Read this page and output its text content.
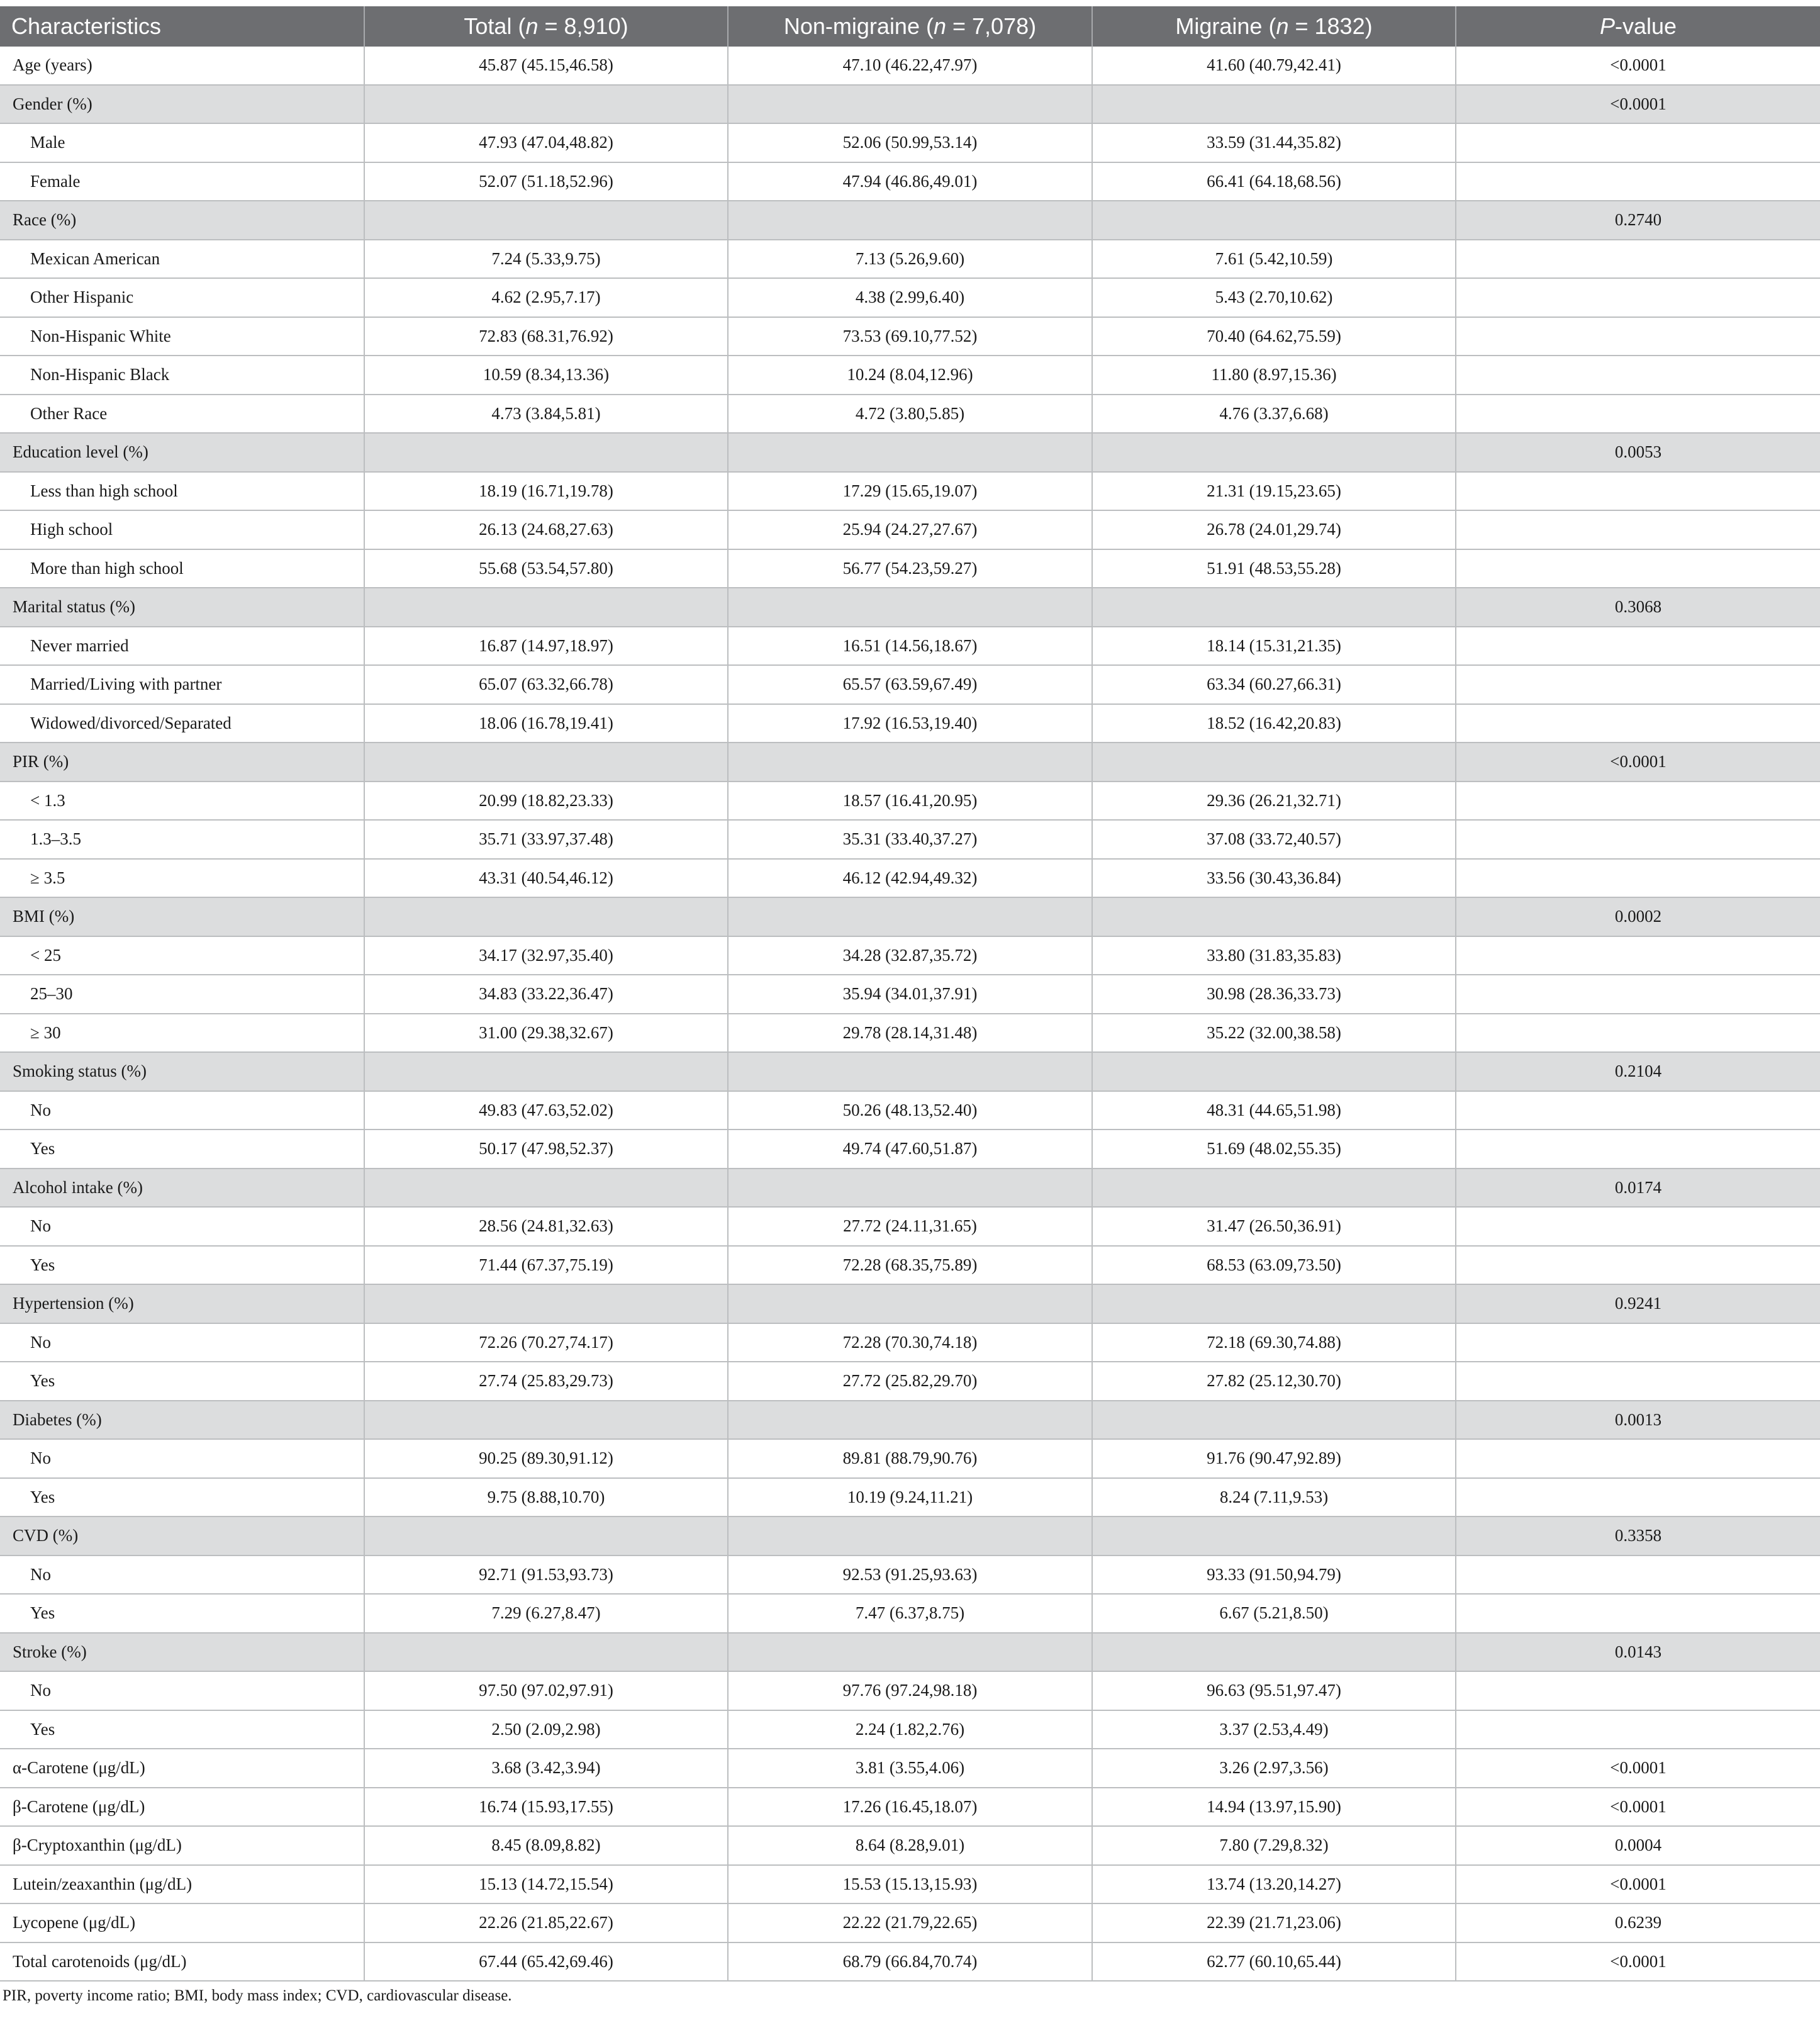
Characteristics	Total (n = 8,910)	Non-migraine (n = 7,078)	Migraine (n = 1832)	P-value
Age (years)	45.87 (45.15,46.58)	47.10 (46.22,47.97)	41.60 (40.79,42.41)	<0.0001
Gender (%)				<0.0001
Male	47.93 (47.04,48.82)	52.06 (50.99,53.14)	33.59 (31.44,35.82)	
Female	52.07 (51.18,52.96)	47.94 (46.86,49.01)	66.41 (64.18,68.56)	
Race (%)				0.2740
Mexican American	7.24 (5.33,9.75)	7.13 (5.26,9.60)	7.61 (5.42,10.59)	
Other Hispanic	4.62 (2.95,7.17)	4.38 (2.99,6.40)	5.43 (2.70,10.62)	
Non-Hispanic White	72.83 (68.31,76.92)	73.53 (69.10,77.52)	70.40 (64.62,75.59)	
Non-Hispanic Black	10.59 (8.34,13.36)	10.24 (8.04,12.96)	11.80 (8.97,15.36)	
Other Race	4.73 (3.84,5.81)	4.72 (3.80,5.85)	4.76 (3.37,6.68)	
Education level (%)				0.0053
Less than high school	18.19 (16.71,19.78)	17.29 (15.65,19.07)	21.31 (19.15,23.65)	
High school	26.13 (24.68,27.63)	25.94 (24.27,27.67)	26.78 (24.01,29.74)	
More than high school	55.68 (53.54,57.80)	56.77 (54.23,59.27)	51.91 (48.53,55.28)	
Marital status (%)				0.3068
Never married	16.87 (14.97,18.97)	16.51 (14.56,18.67)	18.14 (15.31,21.35)	
Married/Living with partner	65.07 (63.32,66.78)	65.57 (63.59,67.49)	63.34 (60.27,66.31)	
Widowed/divorced/Separated	18.06 (16.78,19.41)	17.92 (16.53,19.40)	18.52 (16.42,20.83)	
PIR (%)				<0.0001
< 1.3	20.99 (18.82,23.33)	18.57 (16.41,20.95)	29.36 (26.21,32.71)	
1.3–3.5	35.71 (33.97,37.48)	35.31 (33.40,37.27)	37.08 (33.72,40.57)	
≥ 3.5	43.31 (40.54,46.12)	46.12 (42.94,49.32)	33.56 (30.43,36.84)	
BMI (%)				0.0002
< 25	34.17 (32.97,35.40)	34.28 (32.87,35.72)	33.80 (31.83,35.83)	
25–30	34.83 (33.22,36.47)	35.94 (34.01,37.91)	30.98 (28.36,33.73)	
≥ 30	31.00 (29.38,32.67)	29.78 (28.14,31.48)	35.22 (32.00,38.58)	
Smoking status (%)				0.2104
No	49.83 (47.63,52.02)	50.26 (48.13,52.40)	48.31 (44.65,51.98)	
Yes	50.17 (47.98,52.37)	49.74 (47.60,51.87)	51.69 (48.02,55.35)	
Alcohol intake (%)				0.0174
No	28.56 (24.81,32.63)	27.72 (24.11,31.65)	31.47 (26.50,36.91)	
Yes	71.44 (67.37,75.19)	72.28 (68.35,75.89)	68.53 (63.09,73.50)	
Hypertension (%)				0.9241
No	72.26 (70.27,74.17)	72.28 (70.30,74.18)	72.18 (69.30,74.88)	
Yes	27.74 (25.83,29.73)	27.72 (25.82,29.70)	27.82 (25.12,30.70)	
Diabetes (%)				0.0013
No	90.25 (89.30,91.12)	89.81 (88.79,90.76)	91.76 (90.47,92.89)	
Yes	9.75 (8.88,10.70)	10.19 (9.24,11.21)	8.24 (7.11,9.53)	
CVD (%)				0.3358
No	92.71 (91.53,93.73)	92.53 (91.25,93.63)	93.33 (91.50,94.79)	
Yes	7.29 (6.27,8.47)	7.47 (6.37,8.75)	6.67 (5.21,8.50)	
Stroke (%)				0.0143
No	97.50 (97.02,97.91)	97.76 (97.24,98.18)	96.63 (95.51,97.47)	
Yes	2.50 (2.09,2.98)	2.24 (1.82,2.76)	3.37 (2.53,4.49)	
α-Carotene (μg/dL)	3.68 (3.42,3.94)	3.81 (3.55,4.06)	3.26 (2.97,3.56)	<0.0001
β-Carotene (μg/dL)	16.74 (15.93,17.55)	17.26 (16.45,18.07)	14.94 (13.97,15.90)	<0.0001
β-Cryptoxanthin (μg/dL)	8.45 (8.09,8.82)	8.64 (8.28,9.01)	7.80 (7.29,8.32)	0.0004
Lutein/zeaxanthin (μg/dL)	15.13 (14.72,15.54)	15.53 (15.13,15.93)	13.74 (13.20,14.27)	<0.0001
Lycopene (μg/dL)	22.26 (21.85,22.67)	22.22 (21.79,22.65)	22.39 (21.71,23.06)	0.6239
Total carotenoids (μg/dL)	67.44 (65.42,69.46)	68.79 (66.84,70.74)	62.77 (60.10,65.44)	<0.0001
PIR, poverty income ratio; BMI, body mass index; CVD, cardiovascular disease.
